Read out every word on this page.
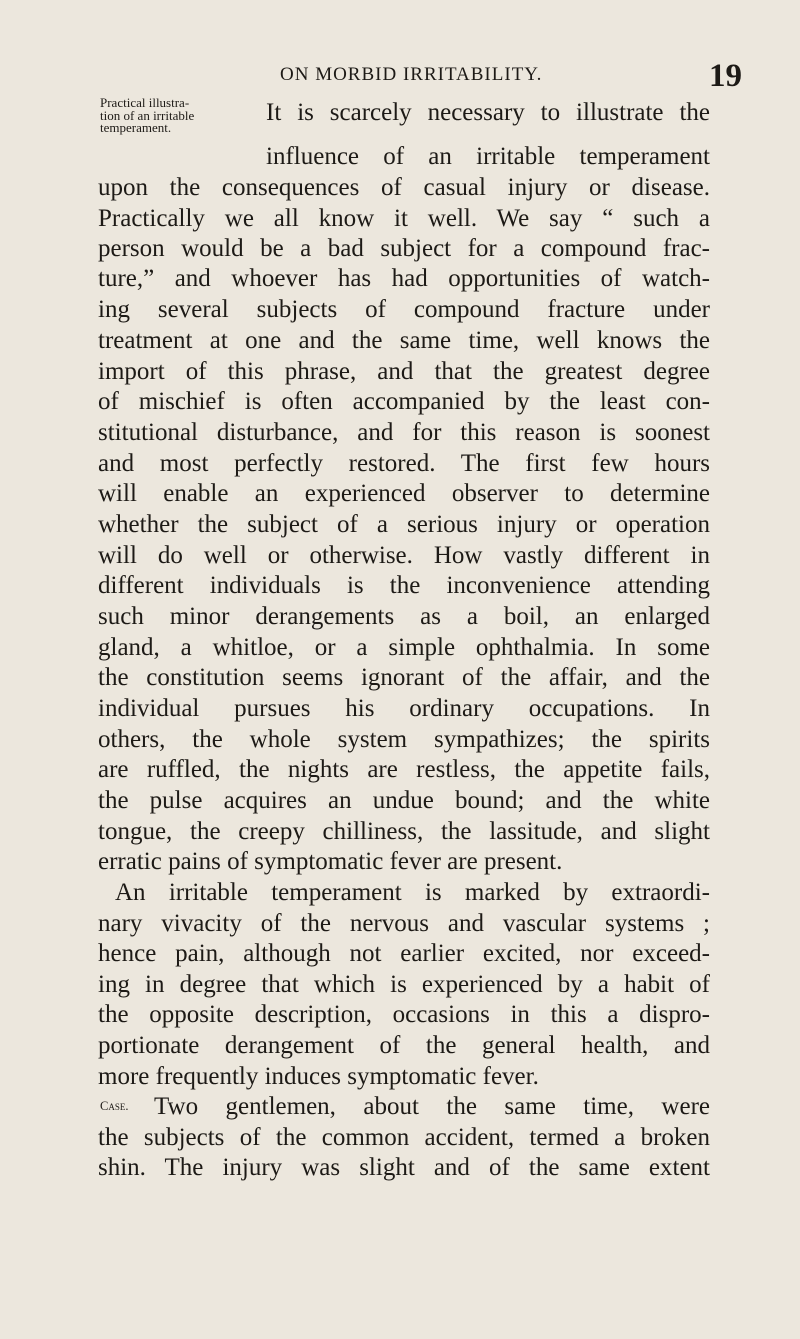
ON MORBID IRRITABILITY.	19
Practical illustra-
tion of an irritable
temperament.
It is scarcely necessary to illustrate the
influence of an irritable temperament
upon the consequences of casual injury or disease.
Practically we all know it well. We say “ such a
person would be a bad subject for a compound frac-
ture,” and whoever has had opportunities of watch-
ing several subjects of compound fracture under
treatment at one and the same time, well knows the
import of this phrase, and that the greatest degree
of mischief is often accompanied by the least con-
stitutional disturbance, and for this reason is soonest
and most perfectly restored. The first few hours
will enable an experienced observer to determine
whether the subject of a serious injury or operation
will do well or otherwise. How vastly different in
different individuals is the inconvenience attending
such minor derangements as a boil, an enlarged
gland, a whitloe, or a simple ophthalmia. In some
the constitution seems ignorant of the affair, and the
individual pursues his ordinary occupations. In
others, the whole system sympathizes; the spirits
are ruffled, the nights are restless, the appetite fails,
the pulse acquires an undue bound; and the white
tongue, the creepy chilliness, the lassitude, and slight
erratic pains of symptomatic fever are present.
An irritable temperament is marked by extraordi-
nary vivacity of the nervous and vascular systems ;
hence pain, although not earlier excited, nor exceed-
ing in degree that which is experienced by a habit of
the opposite description, occasions in this a dispro-
portionate derangement of the general health, and
more frequently induces symptomatic fever.
Case. Two gentlemen, about the same time, were
the subjects of the common accident, termed a broken
shin. The injury was slight and of the same extent
